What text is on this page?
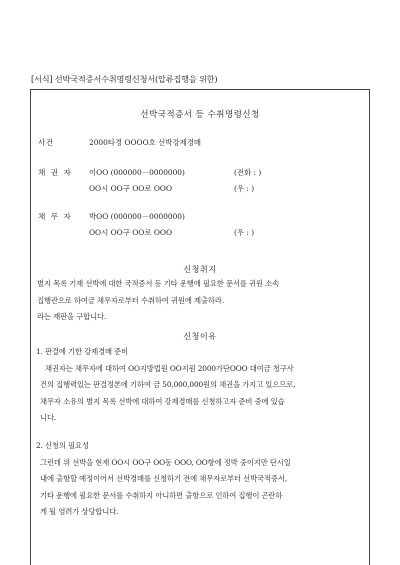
[서식] 선박국적증서수취명령신청서(압류집행을 위한)
선박국적증서 등 수취명령신청
사건	2000타경 OOOO호 선박강제경매
채 권 자 이OO (000000－0000000)	(전화 : )
OO시 OO구 OO로 OOO	(우 : )
채 무 자 박OO (000000－0000000)
OO시 OO구 OO로 OOO	(우 : )
신청취지
별지 목록 기재 선박에 대한 국적증서 등 기타 운행에 필요한 문서를 귀원 소속
집행관으로 하여금 채무자로부터 수취하여 귀원에 제출하라.
라는 재판을 구합니다.
신청이유
1. 판결에 기한 강제경매 준비
채권자는 채무자에 대하여 OO지방법원 OO지원 2000가단OOO 대여금 청구사
건의 집행력있는 판결정본에 기하여 금 50,000,000원의 채권을 가지고 있으므로,
채무자 소유의 별지 목록 선박에 대하여 강제경매를 신청하고자 준비 중에 있습
니다.
2. 신청의 필요성
그런데 위 선박을 현재 OO시 OO구 OO동 OOO, OO항에 정박 중이지만 단시일
내에 출항할 예정이어서 선박경매를 신청하기 전에 채무자로부터 선박국적증서,
기타 운행에 필요한 문서를 수취하지 아니하면 출항으로 인하여 집행이 곤란하
게 될 염려가 상당합니다.
